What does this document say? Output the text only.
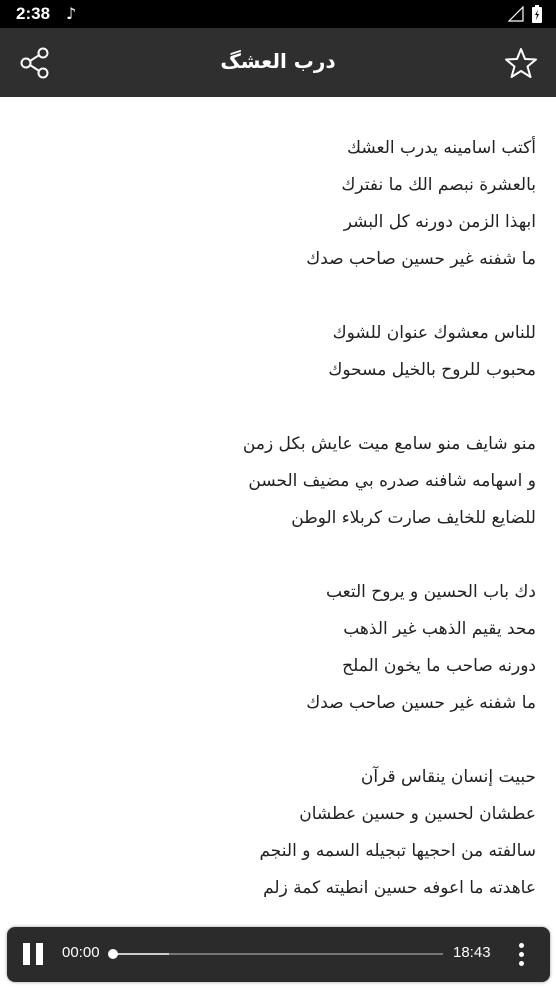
2:38 ♪
درب العشگ
أكتب اسامينه يدرب العشك
بالعشرة نبصم الك ما نفترك
ابهذا الزمن دورنه كل البشر
ما شفنه غير حسين صاحب صدك
للناس معشوك عنوان للشوك
محبوب للروح بالخيل مسحوك
منو شايف منو سامع ميت عايش بكل زمن
و اسهامه شافنه صدره بي مضيف الحسن
للضايع للخايف صارت كربلاء الوطن
دك باب الحسين و يروح التعب
محد يقيم الذهب غير الذهب
دورنه صاحب ما يخون الملح
ما شفنه غير حسين صاحب صدك
حبيت إنسان ينقاس قرآن
عطشان لحسين و حسين عطشان
سالفته من احجيها تبجيله السمه و النجم
عاهدته ما اعوفه حسين انطيته كمة زلم
00:00	18:43
